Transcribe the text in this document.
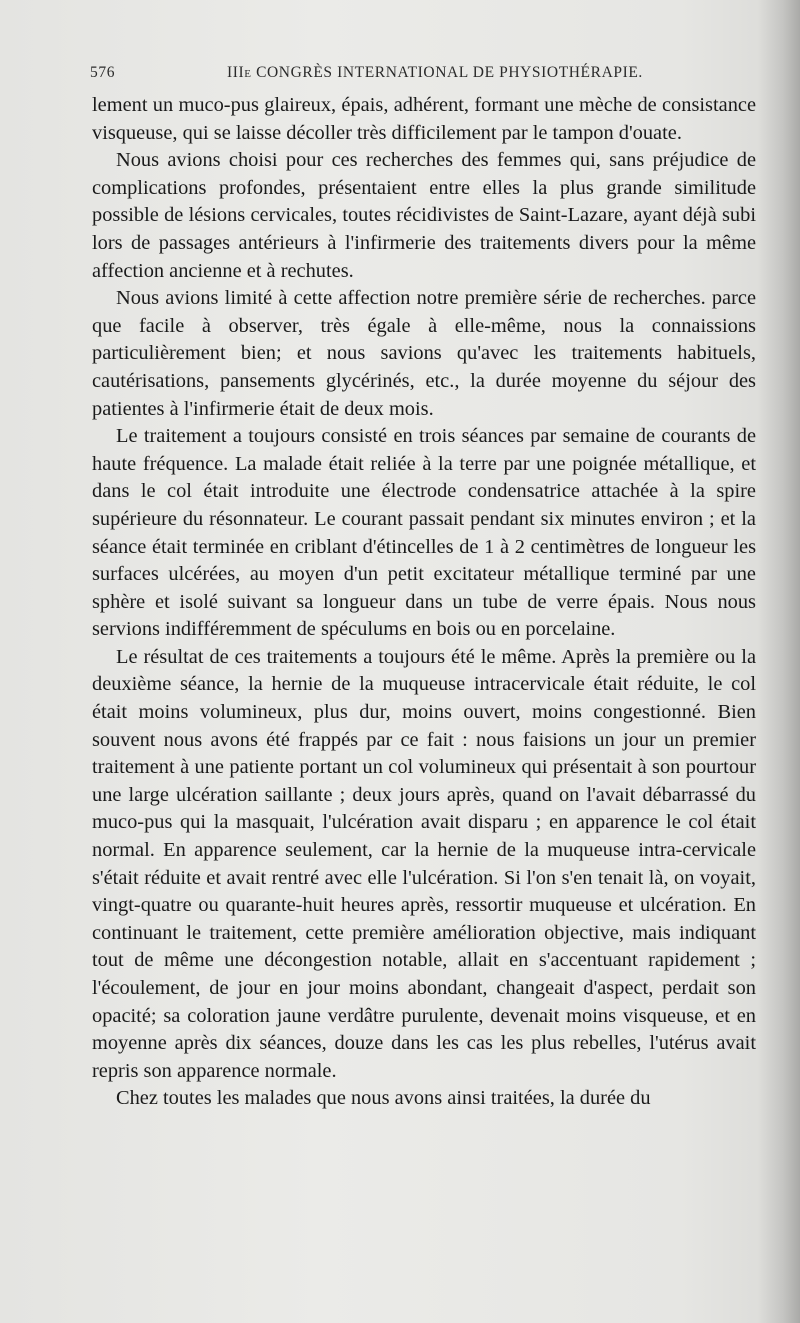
576	IIIe CONGRÈS INTERNATIONAL DE PHYSIOTHÉRAPIE.

lement un muco-pus glaireux, épais, adhérent, formant une mèche de consistance visqueuse, qui se laisse décoller très difficilement par le tampon d'ouate.

Nous avions choisi pour ces recherches des femmes qui, sans préjudice de complications profondes, présentaient entre elles la plus grande similitude possible de lésions cervicales, toutes récidivistes de Saint-Lazare, ayant déjà subi lors de passages antérieurs à l'infirmerie des traitements divers pour la même affection ancienne et à rechutes.

Nous avions limité à cette affection notre première série de recherches. parce que facile à observer, très égale à elle-même, nous la connaissions particulièrement bien; et nous savions qu'avec les traitements habituels, cautérisations, pansements glycérinés, etc., la durée moyenne du séjour des patientes à l'infirmerie était de deux mois.

Le traitement a toujours consisté en trois séances par semaine de courants de haute fréquence. La malade était reliée à la terre par une poignée métallique, et dans le col était introduite une électrode condensatrice attachée à la spire supérieure du résonnateur. Le courant passait pendant six minutes environ ; et la séance était terminée en criblant d'étincelles de 1 à 2 centimètres de longueur les surfaces ulcérées, au moyen d'un petit excitateur métallique terminé par une sphère et isolé suivant sa longueur dans un tube de verre épais. Nous nous servions indifféremment de spéculums en bois ou en porcelaine.

Le résultat de ces traitements a toujours été le même. Après la première ou la deuxième séance, la hernie de la muqueuse intracervicale était réduite, le col était moins volumineux, plus dur, moins ouvert, moins congestionné. Bien souvent nous avons été frappés par ce fait : nous faisions un jour un premier traitement à une patiente portant un col volumineux qui présentait à son pourtour une large ulcération saillante ; deux jours après, quand on l'avait débarrassé du muco-pus qui la masquait, l'ulcération avait disparu ; en apparence le col était normal. En apparence seulement, car la hernie de la muqueuse intra-cervicale s'était réduite et avait rentré avec elle l'ulcération. Si l'on s'en tenait là, on voyait, vingt-quatre ou quarante-huit heures après, ressortir muqueuse et ulcération. En continuant le traitement, cette première amélioration objective, mais indiquant tout de même une décongestion notable, allait en s'accentuant rapidement ; l'écoulement, de jour en jour moins abondant, changeait d'aspect, perdait son opacité; sa coloration jaune verdâtre purulente, devenait moins visqueuse, et en moyenne après dix séances, douze dans les cas les plus rebelles, l'utérus avait repris son apparence normale.

Chez toutes les malades que nous avons ainsi traitées, la durée du
